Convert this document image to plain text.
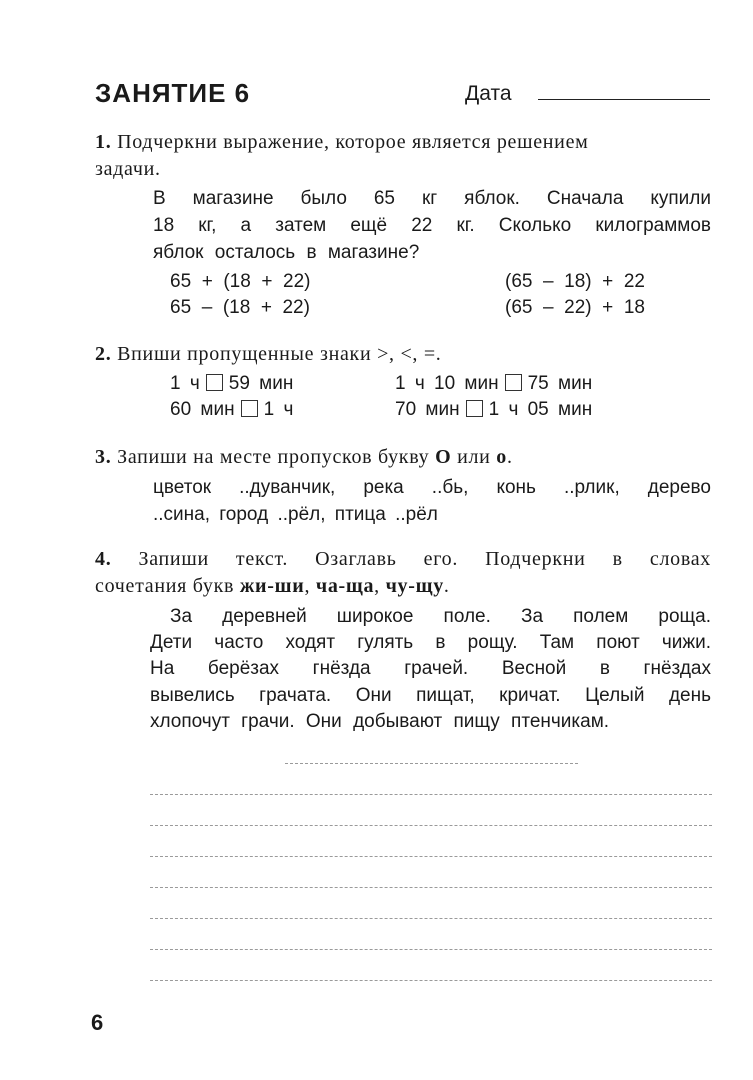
ЗАНЯТИЕ 6	Дата
1. Подчеркни выражение, которое является решением
задачи.
В магазине было 65 кг яблок. Сначала купили
18 кг, а затем ещё 22 кг. Сколько килограммов
яблок осталось в магазине?
65  +  (18  +  22)	(65  –  18)  +  22
65  –  (18  +  22)	(65  –  22)  +  18
2. Впиши пропущенные знаки >, <, =.
1 ч 59 мин	1 ч 10 мин 75 мин
60 мин 1 ч	70 мин 1 ч 05 мин
3. Запиши на месте пропусков букву О или о.
цветок ..дуванчик, река ..бь, конь ..рлик, дерево
..сина, город ..рёл, птица ..рёл
4. Запиши текст. Озаглавь его. Подчеркни в словах
сочетания букв жи-ши, ча-ща, чу-щу.
За деревней широкое поле. За полем роща.
Дети часто ходят гулять в рощу. Там поют чижи.
На берёзах гнёзда грачей. Весной в гнёздах
вывелись грачата. Они пищат, кричат. Целый день
хлопочут грачи. Они добывают пищу птенчикам.
6
